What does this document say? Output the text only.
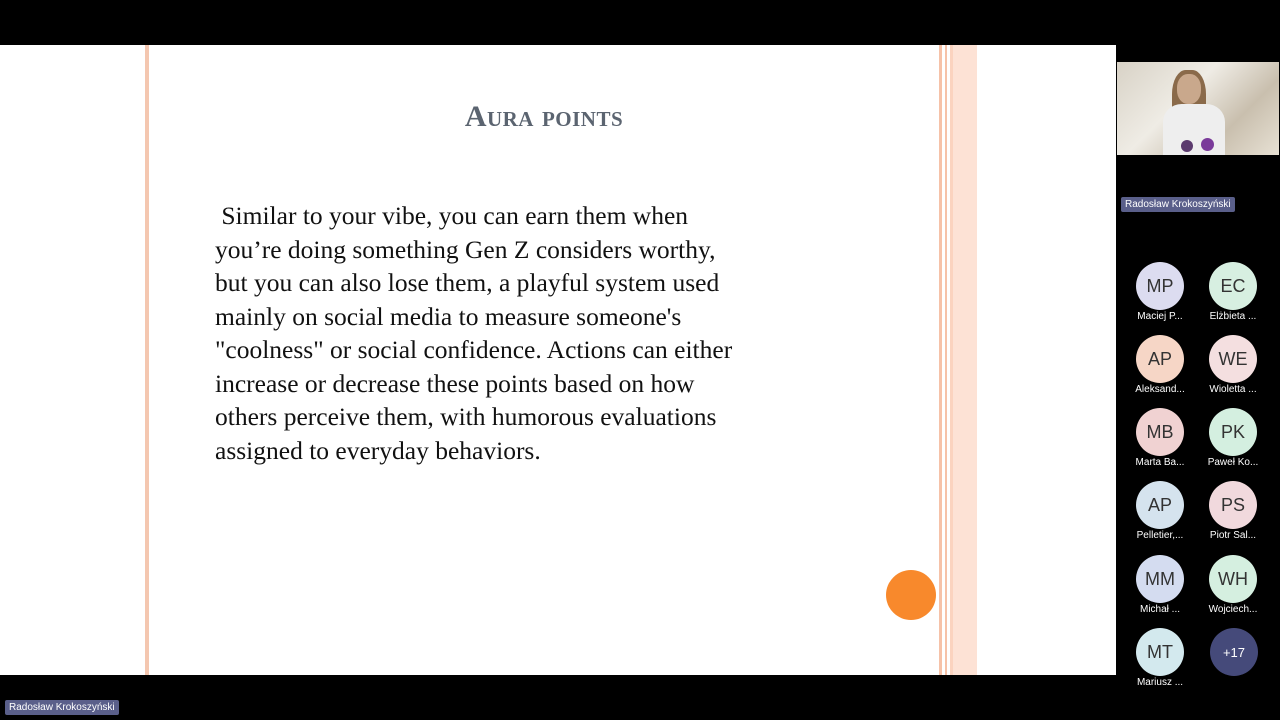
Aura points
Similar to your vibe, you can earn them when
you’re doing something Gen Z considers worthy,
but you can also lose them, a playful system used
mainly on social media to measure someone's
"coolness" or social confidence. Actions can either
increase or decrease these points based on how
others perceive them, with humorous evaluations
assigned to everyday behaviors.
Radosław Krokoszyński
MP
Maciej P...
EC
Elżbieta ...
AP
Aleksand...
WE
Wioletta ...
MB
Marta Ba...
PK
Paweł Ko...
AP
Pelletier,...
PS
Piotr Sal...
MM
Michał ...
WH
Wojciech...
MT
Mariusz ...
+17
Radosław Krokoszyński
